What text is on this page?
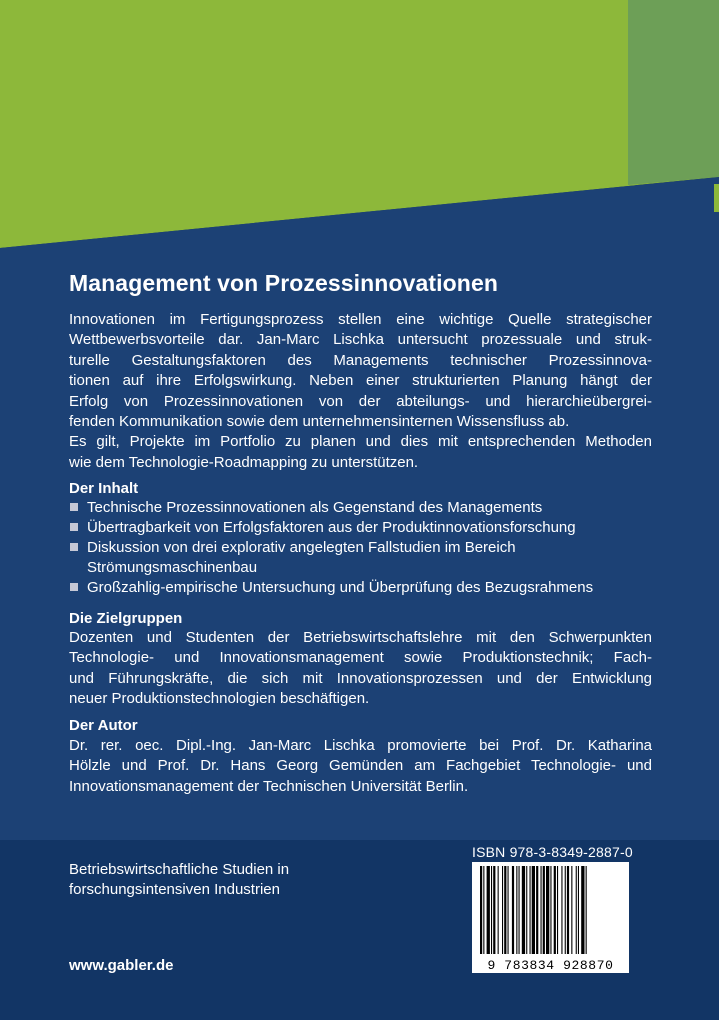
Management von Prozessinnovationen
Innovationen im Fertigungsprozess stellen eine wichtige Quelle strategischer
Wettbewerbsvorteile dar. Jan-Marc Lischka untersucht prozessuale und struk-
turelle Gestaltungsfaktoren des Managements technischer Prozessinnova-
tionen auf ihre Erfolgswirkung. Neben einer strukturierten Planung hängt der
Erfolg von Prozessinnovationen von der abteilungs- und hierarchieübergrei-
fenden Kommunikation sowie dem unternehmensinternen Wissensfluss ab.
Es gilt, Projekte im Portfolio zu planen und dies mit entsprechenden Methoden
wie dem Technologie-Roadmapping zu unterstützen.
Der Inhalt
Technische Prozessinnovationen als Gegenstand des Managements
Übertragbarkeit von Erfolgsfaktoren aus der Produktinnovationsforschung
Diskussion von drei explorativ angelegten Fallstudien im Bereich
Strömungsmaschinenbau
Großzahlig-empirische Untersuchung und Überprüfung des Bezugsrahmens
Die Zielgruppen
Dozenten und Studenten der Betriebswirtschaftslehre mit den Schwerpunkten
Technologie- und Innovationsmanagement sowie Produktionstechnik; Fach-
und Führungskräfte, die sich mit Innovationsprozessen und der Entwicklung
neuer Produktionstechnologien beschäftigen.
Der Autor
Dr. rer. oec. Dipl.-Ing. Jan-Marc Lischka promovierte bei Prof. Dr. Katharina
Hölzle und Prof. Dr. Hans Georg Gemünden am Fachgebiet Technologie- und
Innovationsmanagement der Technischen Universität Berlin.
Betriebswirtschaftliche Studien in
forschungsintensiven Industrien
www.gabler.de
ISBN 978-3-8349-2887-0
9 783834 928870
